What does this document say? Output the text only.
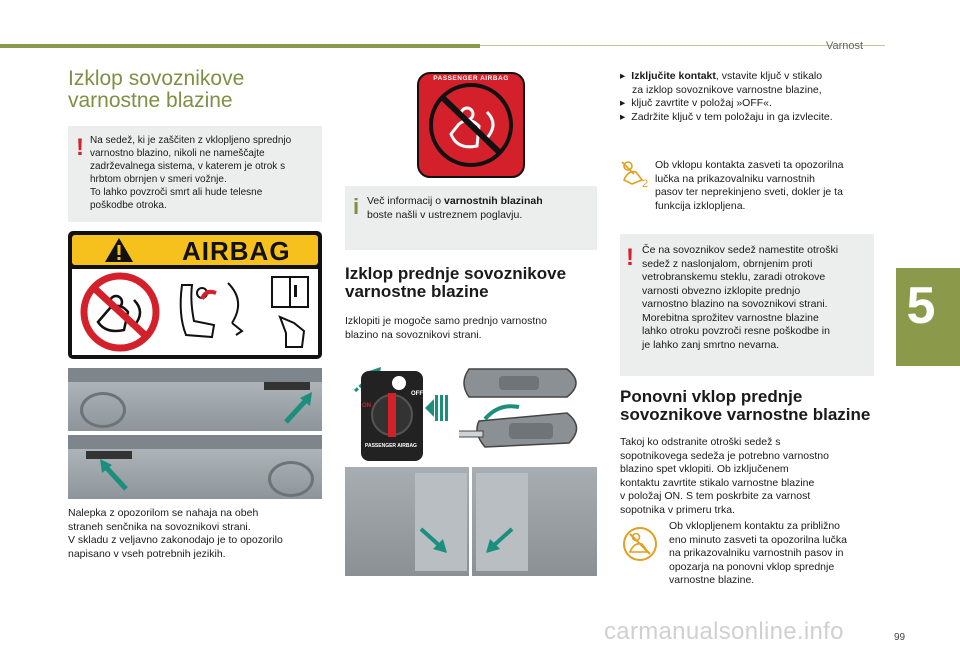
Varnost
5
99
carmanualsonline.info
Izklop sovoznikove varnostne blazine
! Na sedež, ki je zaščiten z vklopljeno sprednjo
varnostno blazino, nikoli ne nameščajte
zadrževalnega sistema, v katerem je otrok s
hrbtom obrnjen v smeri vožnje.
To lahko povzroči smrt ali hude telesne
poškodbe otroka.
AIRBAG
Nalepka z opozorilom se nahaja na obeh
straneh senčnika na sovoznikovi strani.
V skladu z veljavno zakonodajo je to opozorilo
napisano v vseh potrebnih jezikih.
PASSENGER AIRBAG
i Več informacij o varnostnih blazinah
boste našli v ustreznem poglavju.
Izklop prednje sovoznikove varnostne blazine
Izklopiti je mogoče samo prednjo varnostno
blazino na sovoznikovi strani.
ON
OFF
PASSENGER AIRBAG
▸ Izklјučite kontakt, vstavite ključ v stikalo
za izklop sovoznikove varnostne blazine,
▸ ključ zavrtite v položaj »OFF«.
▸ Zadržite ključ v tem položaju in ga izvlecite.
2
Ob vklopu kontakta zasveti ta opozorilna
lučka na prikazovalniku varnostnih
pasov ter neprekinjeno sveti, dokler je ta
funkcija izklopljena.
! Če na sovoznikov sedež namestite otroški
sedež z naslonjalom, obrnjenim proti
vetrobranskemu steklu, zaradi otrokove
varnosti obvezno izklopite prednjo
varnostno blazino na sovoznikovi strani.
Morebitna sprožitev varnostne blazine
lahko otroku povzroči resne poškodbe in
je lahko zanj smrtno nevarna.
Ponovni vklop prednje sovoznikove varnostne blazine
Takoj ko odstranite otroški sedež s
sopotnikovega sedeža je potrebno varnostno
blazino spet vklopiti. Ob izklјučenem
kontaktu zavrtite stikalo varnostne blazine
v položaj ON. S tem poskrbite za varnost
sopotnika v primeru trka.
Ob vklopljenem kontaktu za približno
eno minuto zasveti ta opozorilna lučka
na prikazovalniku varnostnih pasov in
opozarja na ponovni vklop sprednje
varnostne blazine.
